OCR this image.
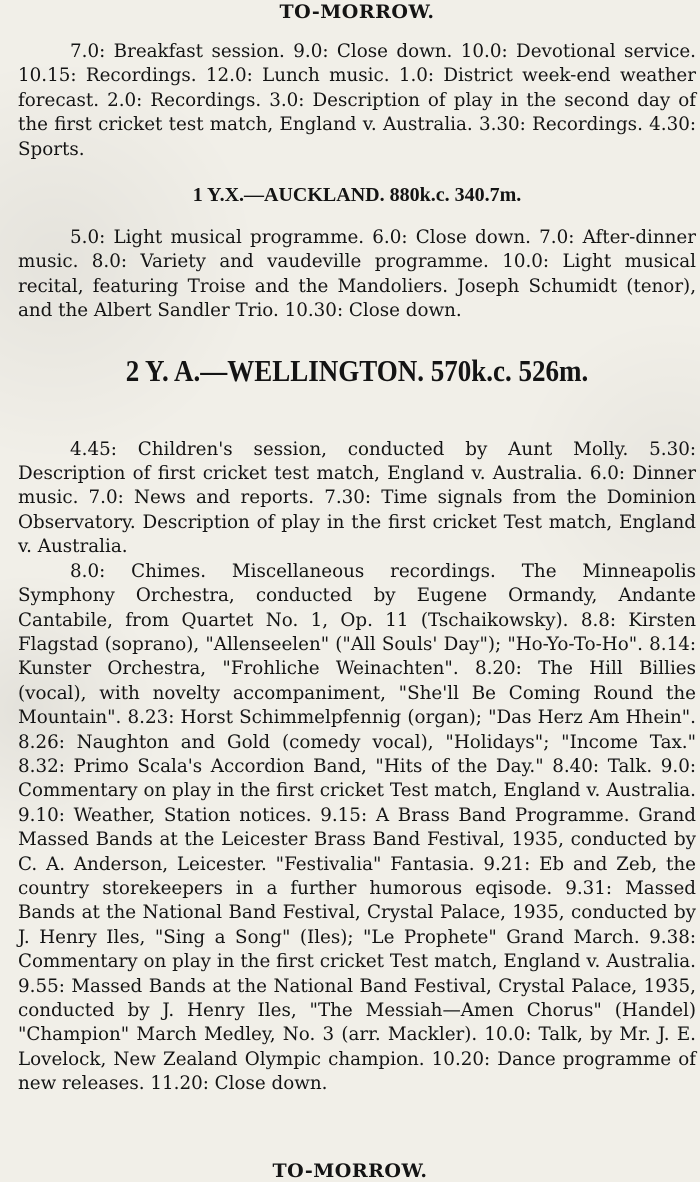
TO-MORROW.

7.0: Breakfast session. 9.0: Close down. 10.0: Devotional service. 10.15: Recordings. 12.0: Lunch music. 1.0: District week-end weather forecast. 2.0: Recordings. 3.0: Description of play in the second day of the first cricket test match, England v. Australia. 3.30: Recordings. 4.30: Sports.

1 Y.X.—AUCKLAND. 880k.c. 340.7m.

5.0: Light musical programme. 6.0: Close down. 7.0: After-dinner music. 8.0: Variety and vaudeville programme. 10.0: Light musical recital, featuring Troise and the Mandoliers. Joseph Schumidt (tenor), and the Albert Sandler Trio. 10.30: Close down.

2 Y. A.—WELLINGTON. 570k.c. 526m.

4.45: Children's session, conducted by Aunt Molly. 5.30: Description of first cricket test match, England v. Australia. 6.0: Dinner music. 7.0: News and reports. 7.30: Time signals from the Dominion Observatory. Description of play in the first cricket Test match, England v. Australia.

8.0: Chimes. Miscellaneous recordings. The Minneapolis Symphony Orchestra, conducted by Eugene Ormandy, Andante Cantabile, from Quartet No. 1, Op. 11 (Tschaikowsky). 8.8: Kirsten Flagstad (soprano), "Allenseelen" ("All Souls' Day"); "Ho-Yo-To-Ho". 8.14: Kunster Orchestra, "Frohliche Weinachten". 8.20: The Hill Billies (vocal), with novelty accompaniment, "She'll Be Coming Round the Mountain". 8.23: Horst Schimmelpfennig (organ); "Das Herz Am Hhein". 8.26: Naughton and Gold (comedy vocal), "Holidays"; "Income Tax." 8.32: Primo Scala's Accordion Band, "Hits of the Day." 8.40: Talk. 9.0: Commentary on play in the first cricket Test match, England v. Australia. 9.10: Weather, Station notices. 9.15: A Brass Band Programme. Grand Massed Bands at the Leicester Brass Band Festival, 1935, conducted by C. A. Anderson, Leicester. "Festivalia" Fantasia. 9.21: Eb and Zeb, the country storekeepers in a further humorous eqisode. 9.31: Massed Bands at the National Band Festival, Crystal Palace, 1935, conducted by J. Henry Iles, "Sing a Song" (Iles); "Le Prophete" Grand March. 9.38: Commentary on play in the first cricket Test match, England v. Australia. 9.55: Massed Bands at the National Band Festival, Crystal Palace, 1935, conducted by J. Henry Iles, "The Messiah—Amen Chorus" (Handel) "Champion" March Medley, No. 3 (arr. Mackler). 10.0: Talk, by Mr. J. E. Lovelock, New Zealand Olympic champion. 10.20: Dance programme of new releases. 11.20: Close down.

TO-MORROW.
